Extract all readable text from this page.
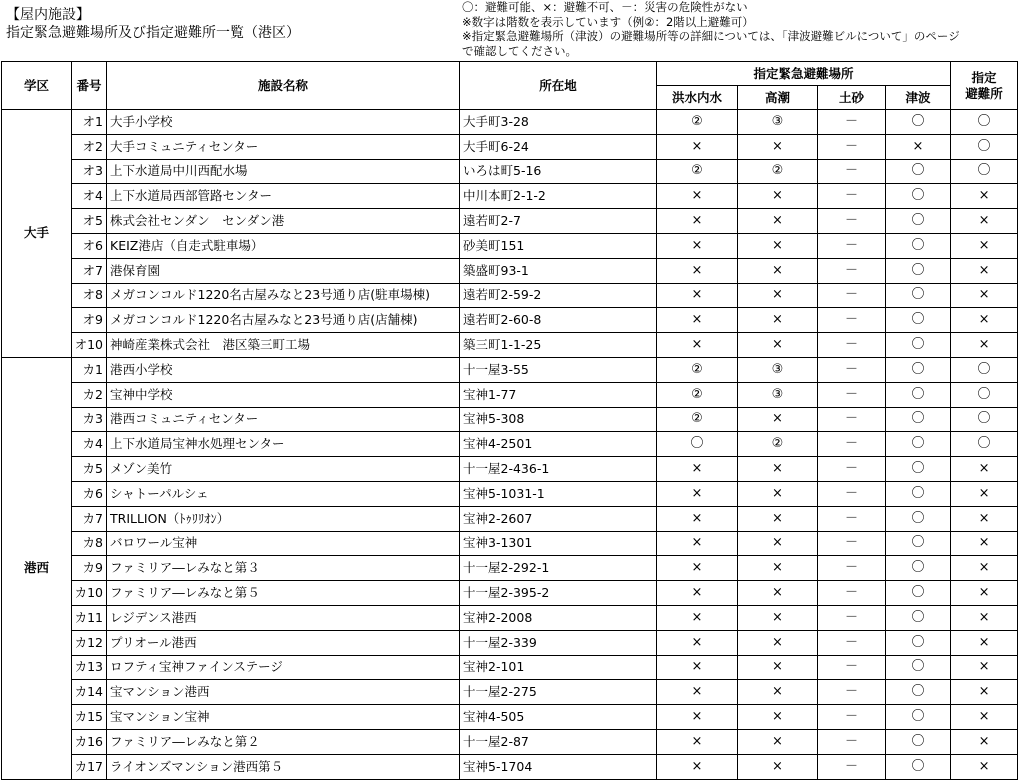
【屋内施設】
指定緊急避難場所及び指定避難所一覧（港区）
〇：避難可能、×：避難不可、－：災害の危険性がない
※数字は階数を表示しています（例②：2階以上避難可）
※指定緊急避難場所（津波）の避難場所等の詳細については、「津波避難ビルについて」のページ
で確認してください。
学区	番号	施設名称	所在地	指定緊急避難場所				指定
避難所
				洪水内水	高潮	土砂	津波	
大手	オ1	大手小学校	大手町3-28	②	③	－	〇	〇
	オ2	大手コミュニティセンター	大手町6-24	×	×	－	×	〇
	オ3	上下水道局中川西配水場	いろは町5-16	②	②	－	〇	〇
	オ4	上下水道局西部管路センター	中川本町2-1-2	×	×	－	〇	×
	オ5	株式会社センダン　センダン港	遠若町2-7	×	×	－	〇	×
	オ6	KEIZ港店（自走式駐車場）	砂美町151	×	×	－	〇	×
	オ7	港保育園	築盛町93-1	×	×	－	〇	×
	オ8	メガコンコルド1220名古屋みなと23号通り店(駐車場棟)	遠若町2-59-2	×	×	－	〇	×
	オ9	メガコンコルド1220名古屋みなと23号通り店(店舗棟)	遠若町2-60-8	×	×	－	〇	×
	オ10	神崎産業株式会社　港区築三町工場	築三町1-1-25	×	×	－	〇	×
港西	カ1	港西小学校	十一屋3-55	②	③	－	〇	〇
	カ2	宝神中学校	宝神1-77	②	③	－	〇	〇
	カ3	港西コミュニティセンター	宝神5-308	②	×	－	〇	〇
	カ4	上下水道局宝神水処理センター	宝神4-2501	〇	②	－	〇	〇
	カ5	メゾン美竹	十一屋2-436-1	×	×	－	〇	×
	カ6	シャトーパルシェ	宝神5-1031-1	×	×	－	〇	×
	カ7	TRILLION（ﾄｩﾘﾘｵﾝ）	宝神2-2607	×	×	－	〇	×
	カ8	バロワール宝神	宝神3-1301	×	×	－	〇	×
	カ9	ファミリア―レみなと第３	十一屋2-292-1	×	×	－	〇	×
	カ10	ファミリア―レみなと第５	十一屋2-395-2	×	×	－	〇	×
	カ11	レジデンス港西	宝神2-2008	×	×	－	〇	×
	カ12	プリオール港西	十一屋2-339	×	×	－	〇	×
	カ13	ロフティ宝神ファインステージ	宝神2-101	×	×	－	〇	×
	カ14	宝マンション港西	十一屋2-275	×	×	－	〇	×
	カ15	宝マンション宝神	宝神4-505	×	×	－	〇	×
	カ16	ファミリア―レみなと第２	十一屋2-87	×	×	－	〇	×
	カ17	ライオンズマンション港西第５	宝神5-1704	×	×	－	〇	×
